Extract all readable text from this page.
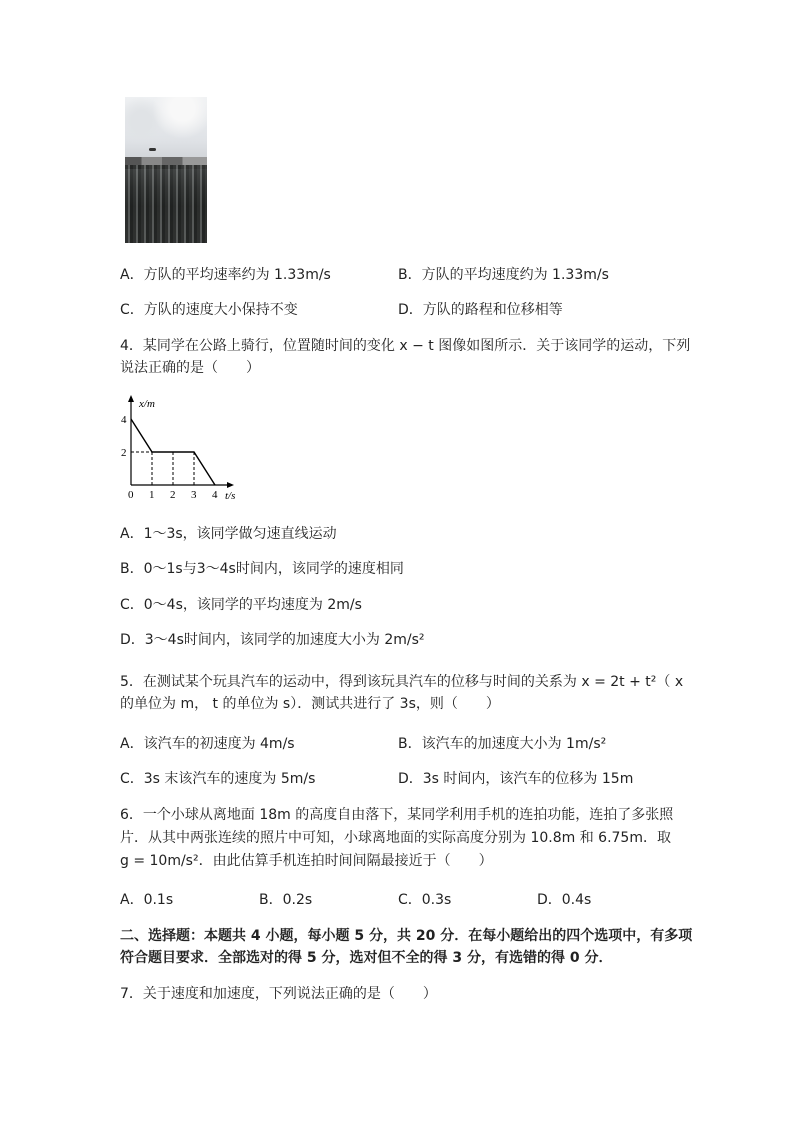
A．方队的平均速率约为 1.33m/s	B．方队的平均速度约为 1.33m/s
C．方队的速度大小保持不变	D．方队的路程和位移相等
4．某同学在公路上骑行，位置随时间的变化 x − t 图像如图所示．关于该同学的运动，下列
说法正确的是（　　）
4
2
0 1 2 3 4
x/m
t/s
A．1～3s，该同学做匀速直线运动
B．0～1s与3～4s时间内，该同学的速度相同
C．0～4s，该同学的平均速度为 2m/s
D．3～4s时间内，该同学的加速度大小为 2m/s²
5．在测试某个玩具汽车的运动中，得到该玩具汽车的位移与时间的关系为 x = 2t + t²（ x
的单位为 m， t 的单位为 s）．测试共进行了 3s，则（　　）
A．该汽车的初速度为 4m/s	B．该汽车的加速度大小为 1m/s²
C．3s 末该汽车的速度为 5m/s	D．3s 时间内，该汽车的位移为 15m
6．一个小球从离地面 18m 的高度自由落下，某同学利用手机的连拍功能，连拍了多张照
片．从其中两张连续的照片中可知，小球离地面的实际高度分别为 10.8m 和 6.75m．取
g = 10m/s²．由此估算手机连拍时间间隔最接近于（　　）
A．0.1s	B．0.2s	C．0.3s	D．0.4s
二、选择题：本题共 4 小题，每小题 5 分，共 20 分．在每小题给出的四个选项中，有多项
符合题目要求．全部选对的得 5 分，选对但不全的得 3 分，有选错的得 0 分．
7．关于速度和加速度，下列说法正确的是（　　）
